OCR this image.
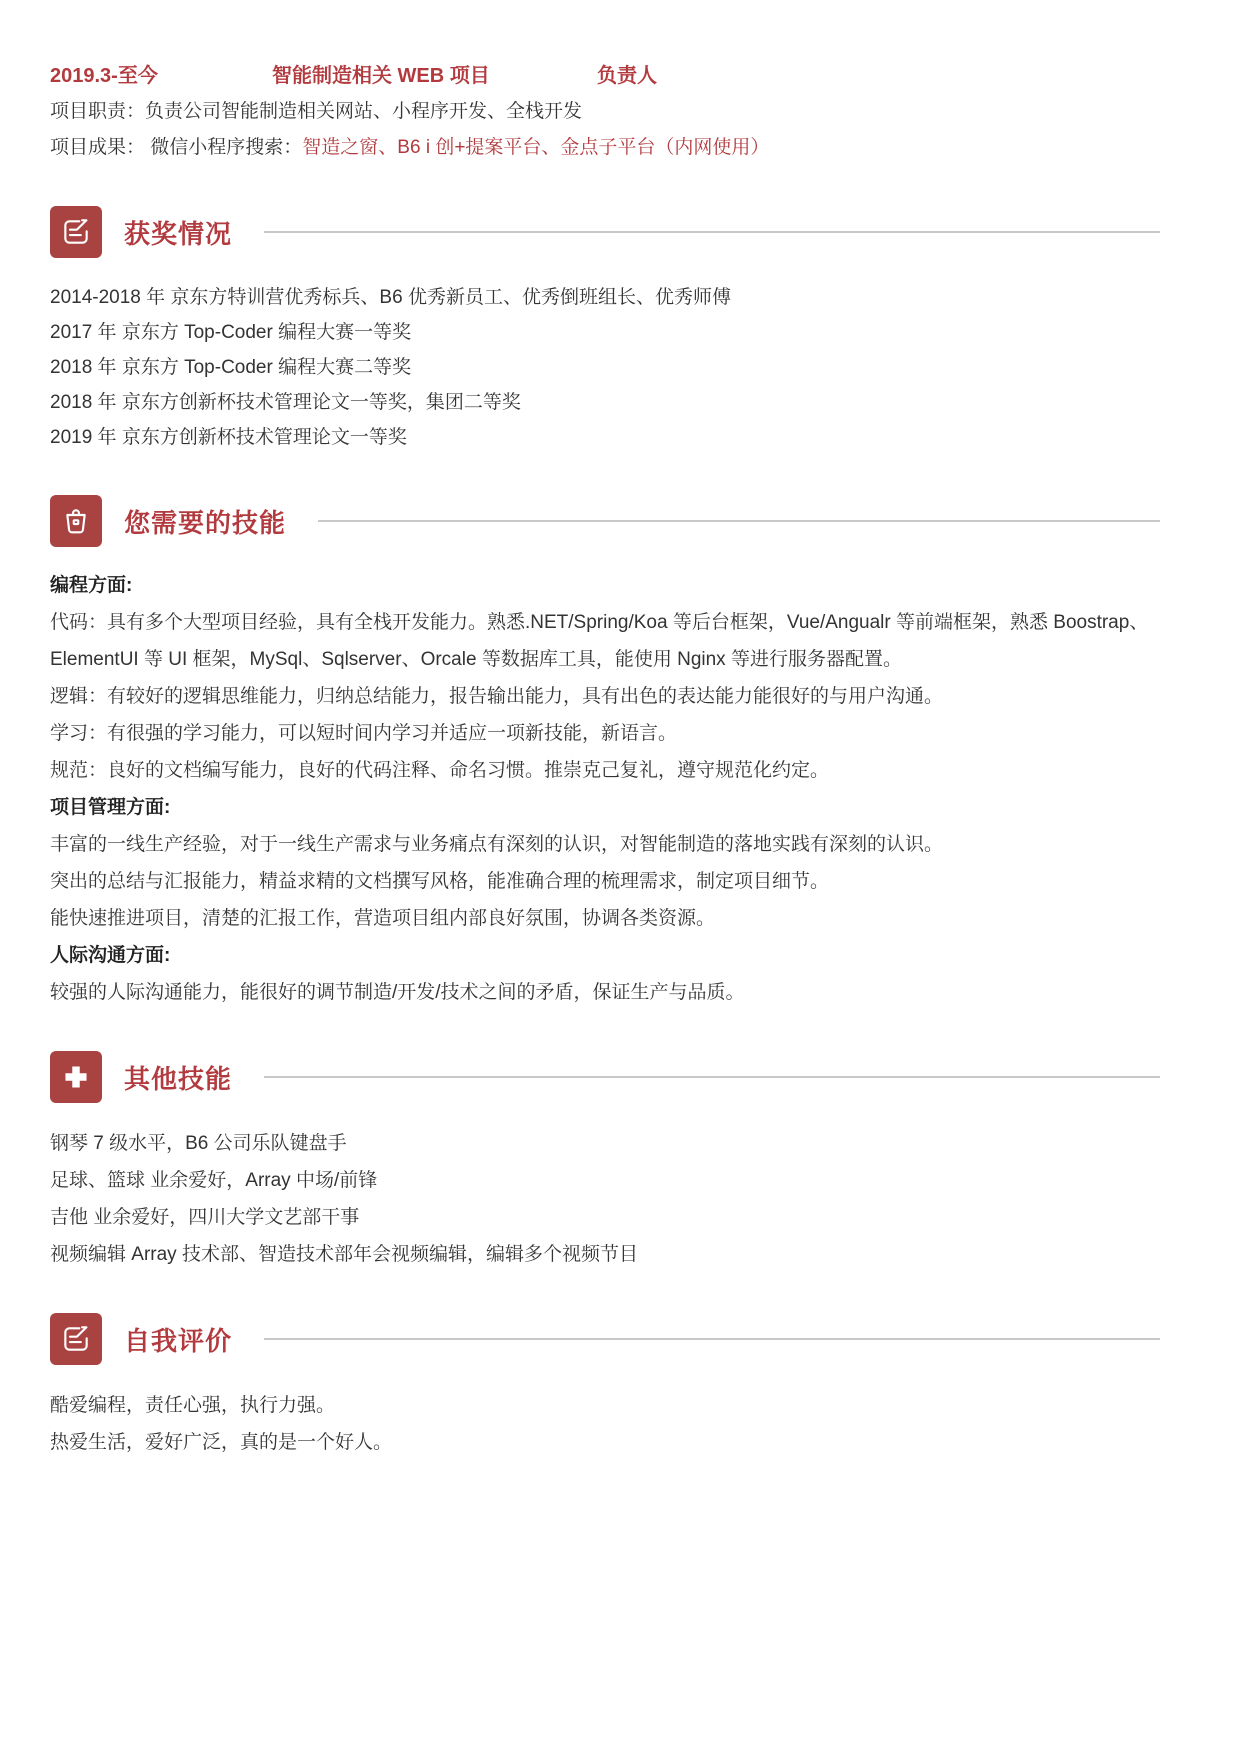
2019.3-至今	智能制造相关 WEB 项目	负责人

项目职责：负责公司智能制造相关网站、小程序开发、全栈开发

项目成果： 微信小程序搜索：智造之窗、B6 i 创+提案平台、金点子平台（内网使用）

获奖情况

2014-2018 年 京东方特训营优秀标兵、B6 优秀新员工、优秀倒班组长、优秀师傅

2017 年 京东方 Top-Coder 编程大赛一等奖

2018 年 京东方 Top-Coder 编程大赛二等奖

2018 年 京东方创新杯技术管理论文一等奖，集团二等奖

2019 年 京东方创新杯技术管理论文一等奖

您需要的技能
编程方面:

代码：具有多个大型项目经验，具有全栈开发能力。熟悉.NET/Spring/Koa 等后台框架，Vue/Angualr 等前端框架，熟悉 Boostrap、ElementUI 等 UI 框架，MySql、Sqlserver、Orcale 等数据库工具，能使用 Nginx 等进行服务器配置。

逻辑：有较好的逻辑思维能力，归纳总结能力，报告输出能力，具有出色的表达能力能很好的与用户沟通。

学习：有很强的学习能力，可以短时间内学习并适应一项新技能，新语言。

规范：良好的文档编写能力，良好的代码注释、命名习惯。推崇克己复礼，遵守规范化约定。

项目管理方面:

丰富的一线生产经验，对于一线生产需求与业务痛点有深刻的认识，对智能制造的落地实践有深刻的认识。

突出的总结与汇报能力，精益求精的文档撰写风格，能准确合理的梳理需求，制定项目细节。

能快速推进项目，清楚的汇报工作，营造项目组内部良好氛围，协调各类资源。

人际沟通方面:

较强的人际沟通能力，能很好的调节制造/开发/技术之间的矛盾，保证生产与品质。

其他技能

钢琴 7 级水平，B6 公司乐队键盘手

足球、篮球 业余爱好，Array 中场/前锋

吉他 业余爱好，四川大学文艺部干事

视频编辑 Array 技术部、智造技术部年会视频编辑，编辑多个视频节目

自我评价

酷爱编程，责任心强，执行力强。

热爱生活，爱好广泛，真的是一个好人。
